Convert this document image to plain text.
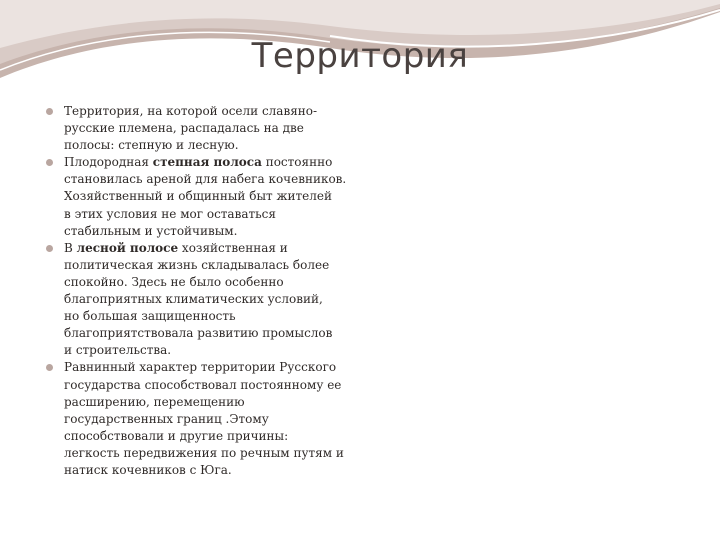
Территория
Территория, на которой осели славяно-
русские племена, распадалась на две
полосы: степную и лесную.
Плодородная степная полоса постоянно
становилась ареной для набега кочевников.
Хозяйственный и общинный быт жителей
в этих условия не мог оставаться
стабильным и устойчивым.
В лесной полосе хозяйственная и
политическая жизнь складывалась более
спокойно. Здесь не было особенно
благоприятных климатических условий,
но большая защищенность
благоприятствовала развитию промыслов
и строительства.
Равнинный характер территории Русского
государства способствовал постоянному ее
расширению, перемещению
государственных границ .Этому
способствовали и другие причины:
легкость передвижения по речным путям и
натиск кочевников с Юга.
